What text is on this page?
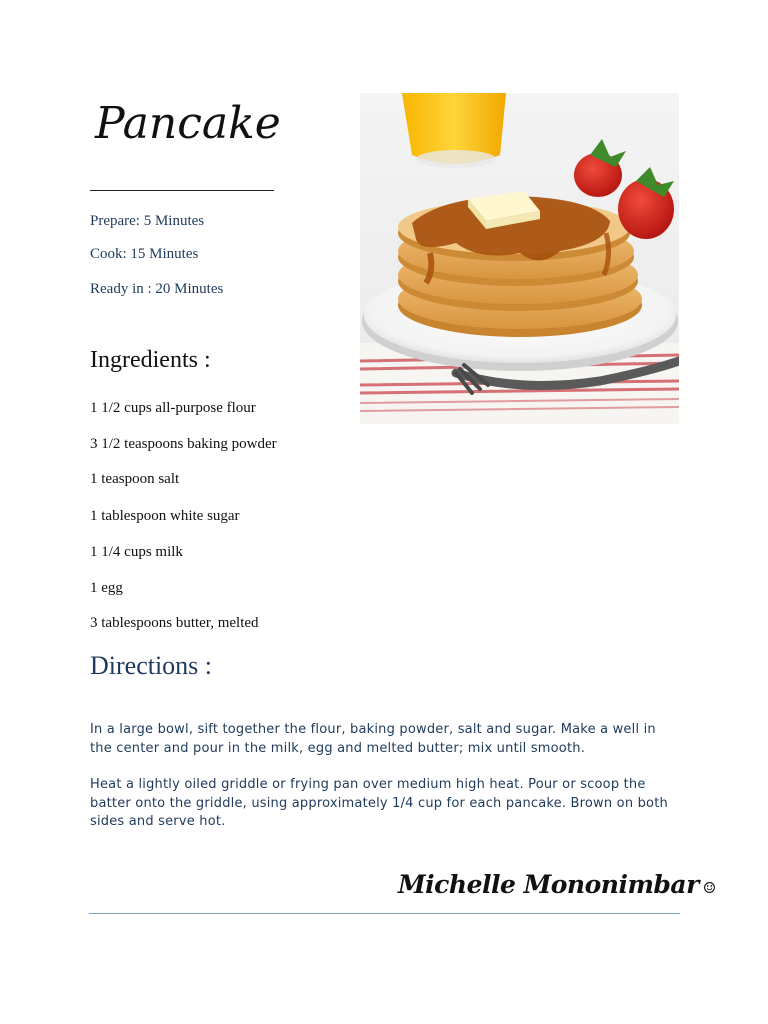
Pancake
Prepare: 5 Minutes
Cook: 15 Minutes
Ready in : 20 Minutes
Ingredients :
1 1/2 cups all-purpose flour
3 1/2 teaspoons baking powder
1 teaspoon salt
1 tablespoon white sugar
1 1/4 cups milk
1 egg
3 tablespoons butter, melted
Directions :
In a large bowl, sift together the flour, baking powder, salt and sugar. Make a well in the center and pour in the milk, egg and melted butter; mix until smooth.
Heat a lightly oiled griddle or frying pan over medium high heat. Pour or scoop the batter onto the griddle, using approximately 1/4 cup for each pancake. Brown on both sides and serve hot.
Michelle Mononimbar ☺
